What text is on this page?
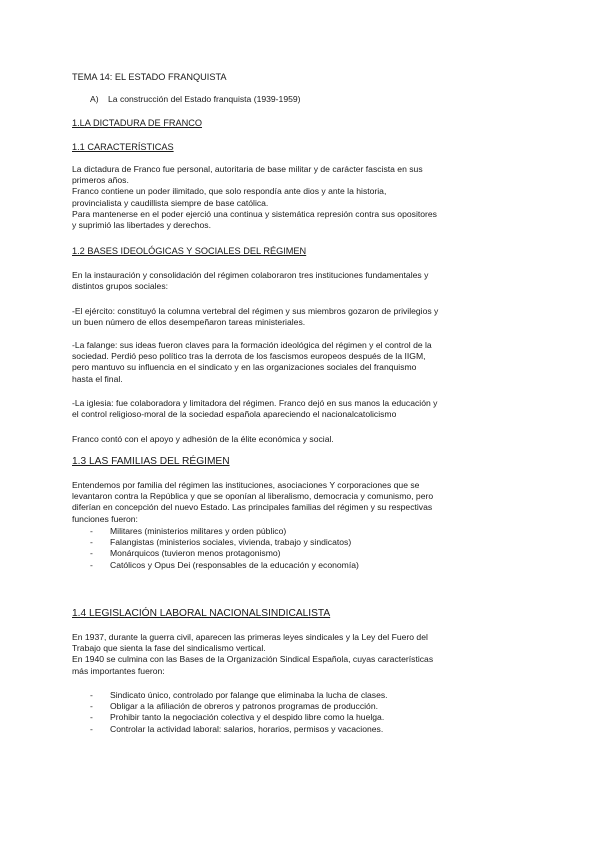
TEMA 14: EL ESTADO FRANQUISTA

A) La construcción del Estado franquista (1939-1959)

1.LA DICTADURA DE FRANCO

1.1 CARACTERÍSTICAS

La dictadura de Franco fue personal, autoritaria de base militar y de carácter fascista en sus
primeros años.
Franco contiene un poder ilimitado, que solo respondía ante dios y ante la historia,
provincialista y caudillista siempre de base católica.
Para mantenerse en el poder ejerció una continua y sistemática represión contra sus opositores
y suprimió las libertades y derechos.

1.2 BASES IDEOLÓGICAS Y SOCIALES DEL RÉGIMEN

En la instauración y consolidación del régimen colaboraron tres instituciones fundamentales y
distintos grupos sociales:
-El ejército: constituyó la columna vertebral del régimen y sus miembros gozaron de privilegios y
un buen número de ellos desempeñaron tareas ministeriales.
-La falange: sus ideas fueron claves para la formación ideológica del régimen y el control de la
sociedad. Perdió peso político tras la derrota de los fascismos europeos después de la IIGM,
pero mantuvo su influencia en el sindicato y en las organizaciones sociales del franquismo
hasta el final.
-La iglesia: fue colaboradora y limitadora del régimen. Franco dejó en sus manos la educación y
el control religioso-moral de la sociedad española apareciendo el nacionalcatolicismo

Franco contó con el apoyo y adhesión de la élite económica y social.

1.3 LAS FAMILIAS DEL RÉGIMEN

Entendemos por familia del régimen las instituciones, asociaciones Y corporaciones que se
levantaron contra la República y que se oponían al liberalismo, democracia y comunismo, pero
diferían en concepción del nuevo Estado. Las principales familias del régimen y su respectivas
funciones fueron:
- Militares (ministerios militares y orden público)
- Falangistas (ministerios sociales, vivienda, trabajo y sindicatos)
- Monárquicos (tuvieron menos protagonismo)
- Católicos y Opus Dei (responsables de la educación y economía)

1.4 LEGISLACIÓN LABORAL NACIONALSINDICALISTA

En 1937, durante la guerra civil, aparecen las primeras leyes sindicales y la Ley del Fuero del
Trabajo que sienta la fase del sindicalismo vertical.
En 1940 se culmina con las Bases de la Organización Sindical Española, cuyas características
más importantes fueron:
- Sindicato único, controlado por falange que eliminaba la lucha de clases.
- Obligar a la afiliación de obreros y patronos programas de producción.
- Prohibir tanto la negociación colectiva y el despido libre como la huelga.
- Controlar la actividad laboral: salarios, horarios, permisos y vacaciones.
